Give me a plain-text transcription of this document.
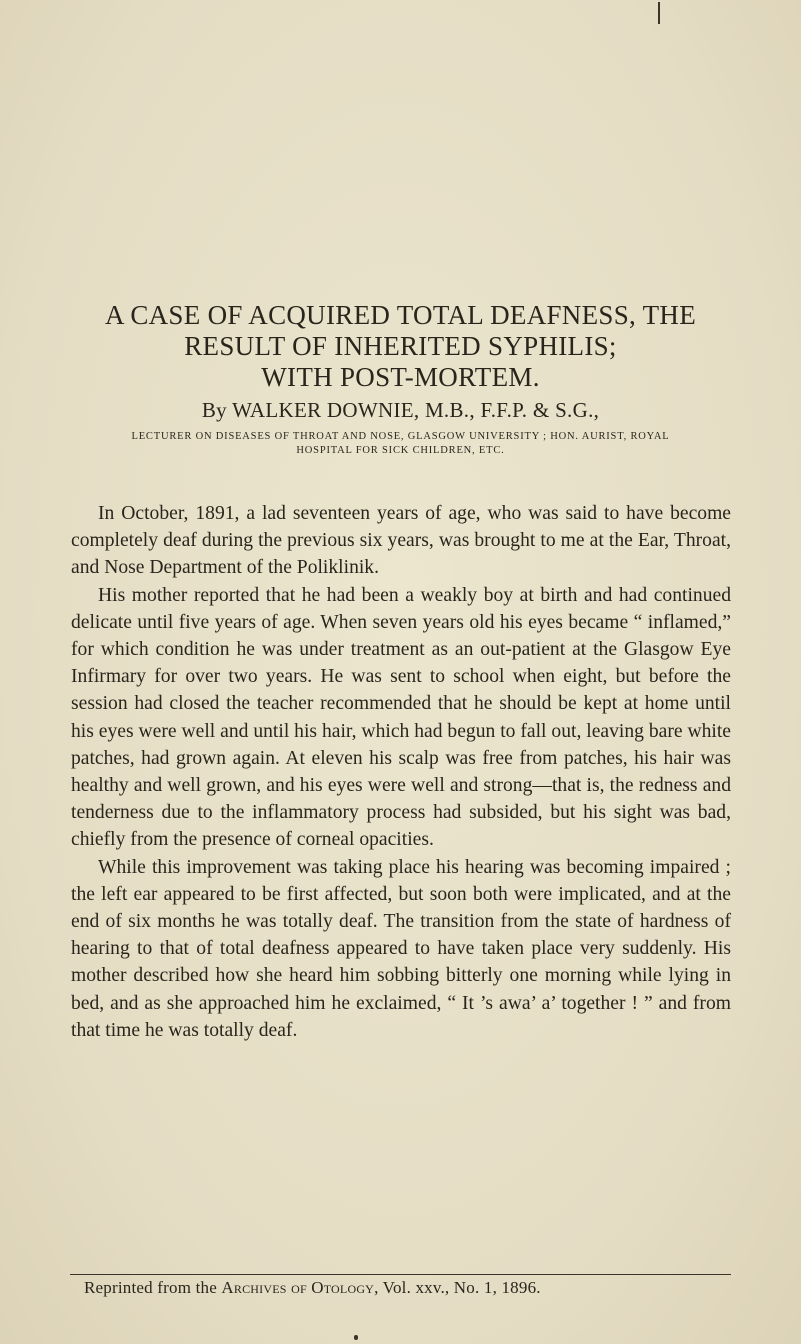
A CASE OF ACQUIRED TOTAL DEAFNESS, THE
RESULT OF INHERITED SYPHILIS;
WITH POST-MORTEM.

By WALKER DOWNIE, M.B., F.F.P. & S.G.,

LECTURER ON DISEASES OF THROAT AND NOSE, GLASGOW UNIVERSITY ; HON. AURIST, ROYAL
HOSPITAL FOR SICK CHILDREN, ETC.

In October, 1891, a lad seventeen years of age, who was said to have become completely deaf during the previous six years, was brought to me at the Ear, Throat, and Nose Department of the Poliklinik.

His mother reported that he had been a weakly boy at birth and had continued delicate until five years of age. When seven years old his eyes became “ inflamed,” for which condition he was under treatment as an out-patient at the Glasgow Eye Infirmary for over two years. He was sent to school when eight, but before the session had closed the teacher recommended that he should be kept at home until his eyes were well and until his hair, which had begun to fall out, leaving bare white patches, had grown again. At eleven his scalp was free from patches, his hair was healthy and well grown, and his eyes were well and strong—that is, the redness and tenderness due to the inflammatory process had subsided, but his sight was bad, chiefly from the presence of corneal opacities.

While this improvement was taking place his hearing was becoming impaired ; the left ear appeared to be first affected, but soon both were implicated, and at the end of six months he was totally deaf. The transition from the state of hardness of hearing to that of total deafness appeared to have taken place very suddenly. His mother described how she heard him sobbing bitterly one morning while lying in bed, and as she approached him he exclaimed, “ It ’s awa’ a’ together ! ” and from that time he was totally deaf.

Reprinted from the Archives of Otology, Vol. xxv., No. 1, 1896.
